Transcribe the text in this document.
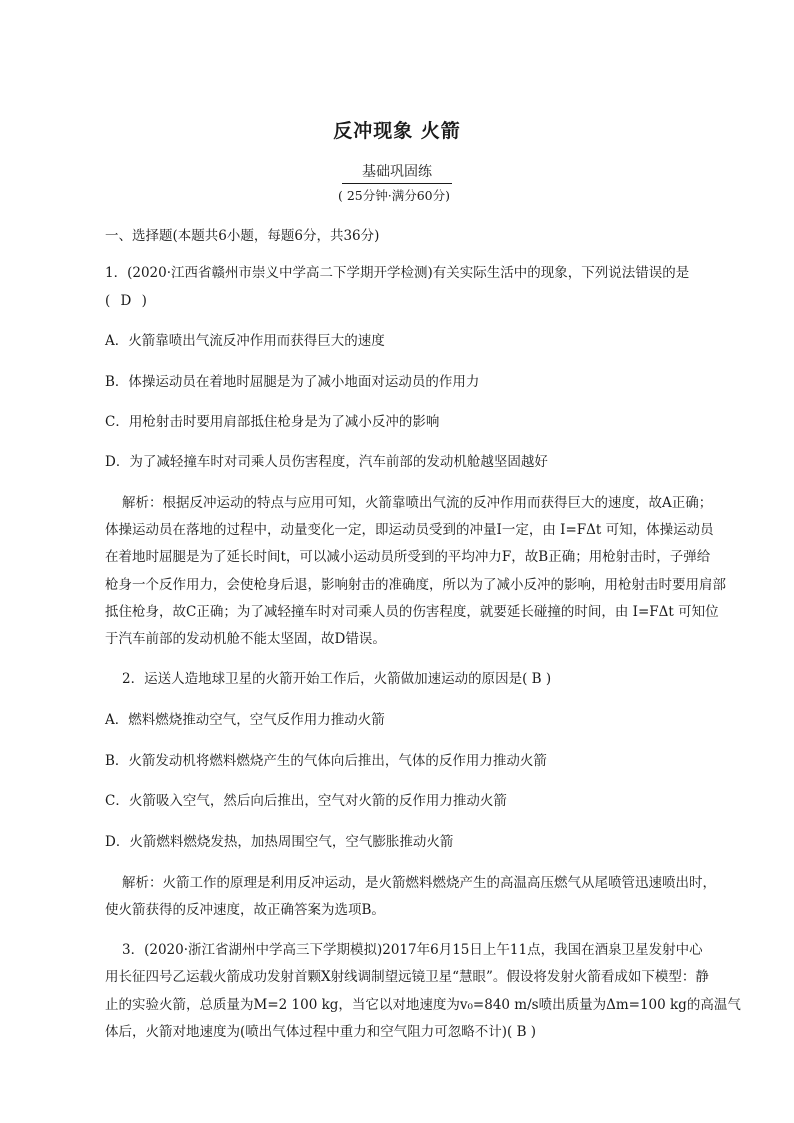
反冲现象 火箭
基础巩固练
( 25分钟·满分60分)
一、选择题(本题共6小题，每题6分，共36分)
1．(2020·江西省赣州市崇义中学高二下学期开学检测)有关实际生活中的现象，下列说法错误的是
( D )
A．火箭靠喷出气流反冲作用而获得巨大的速度
B．体操运动员在着地时屈腿是为了减小地面对运动员的作用力
C．用枪射击时要用肩部抵住枪身是为了减小反冲的影响
D．为了减轻撞车时对司乘人员伤害程度，汽车前部的发动机舱越坚固越好
解析：根据反冲运动的特点与应用可知，火箭靠喷出气流的反冲作用而获得巨大的速度，故A正确；
体操运动员在落地的过程中，动量变化一定，即运动员受到的冲量I一定，由 I=FΔt 可知，体操运动员
在着地时屈腿是为了延长时间t，可以减小运动员所受到的平均冲力F，故B正确；用枪射击时，子弹给
枪身一个反作用力，会使枪身后退，影响射击的准确度，所以为了减小反冲的影响，用枪射击时要用肩部
抵住枪身，故C正确；为了减轻撞车时对司乘人员的伤害程度，就要延长碰撞的时间，由 I=FΔt 可知位
于汽车前部的发动机舱不能太坚固，故D错误。
2．运送人造地球卫星的火箭开始工作后，火箭做加速运动的原因是( B )
A．燃料燃烧推动空气，空气反作用力推动火箭
B．火箭发动机将燃料燃烧产生的气体向后推出，气体的反作用力推动火箭
C．火箭吸入空气，然后向后推出，空气对火箭的反作用力推动火箭
D．火箭燃料燃烧发热，加热周围空气，空气膨胀推动火箭
解析：火箭工作的原理是利用反冲运动，是火箭燃料燃烧产生的高温高压燃气从尾喷管迅速喷出时，
使火箭获得的反冲速度，故正确答案为选项B。
3．(2020·浙江省湖州中学高三下学期模拟)2017年6月15日上午11点，我国在酒泉卫星发射中心
用长征四号乙运载火箭成功发射首颗X射线调制望远镜卫星“慧眼”。假设将发射火箭看成如下模型：静
止的实验火箭，总质量为M=2 100 kg，当它以对地速度为v₀=840 m/s喷出质量为Δm=100 kg的高温气
体后，火箭对地速度为(喷出气体过程中重力和空气阻力可忽略不计)( B )
